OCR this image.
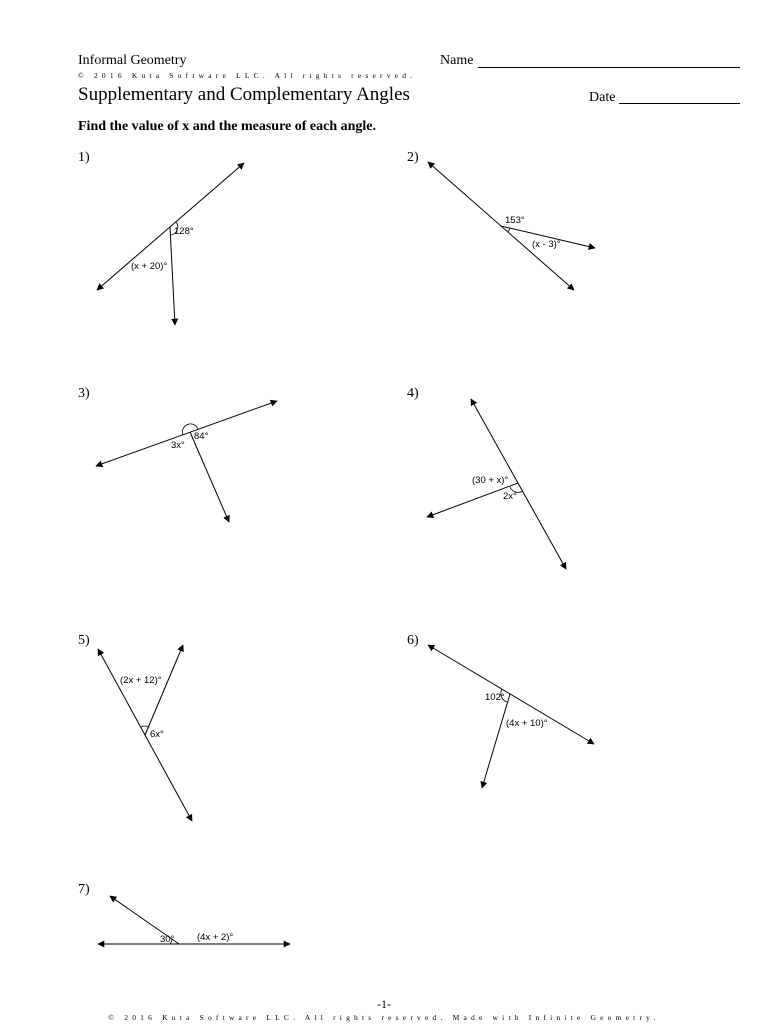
Informal Geometry
© 2016 Kuta Software LLC. All rights reserved.
Name
Supplementary and Complementary Angles	Date
Find the value of x and the measure of each angle.
1)	2)
3)	4)
5)	6)
7)
128°
(x + 20)°
153°
(x - 3)°
3x°
84°
(30 + x)°
2x°
(2x + 12)°
6x°
102°
(4x + 10)°
30° (4x + 2)°
-1-
© 2016 Kuta Software LLC. All rights reserved. Made with Infinite Geometry.
